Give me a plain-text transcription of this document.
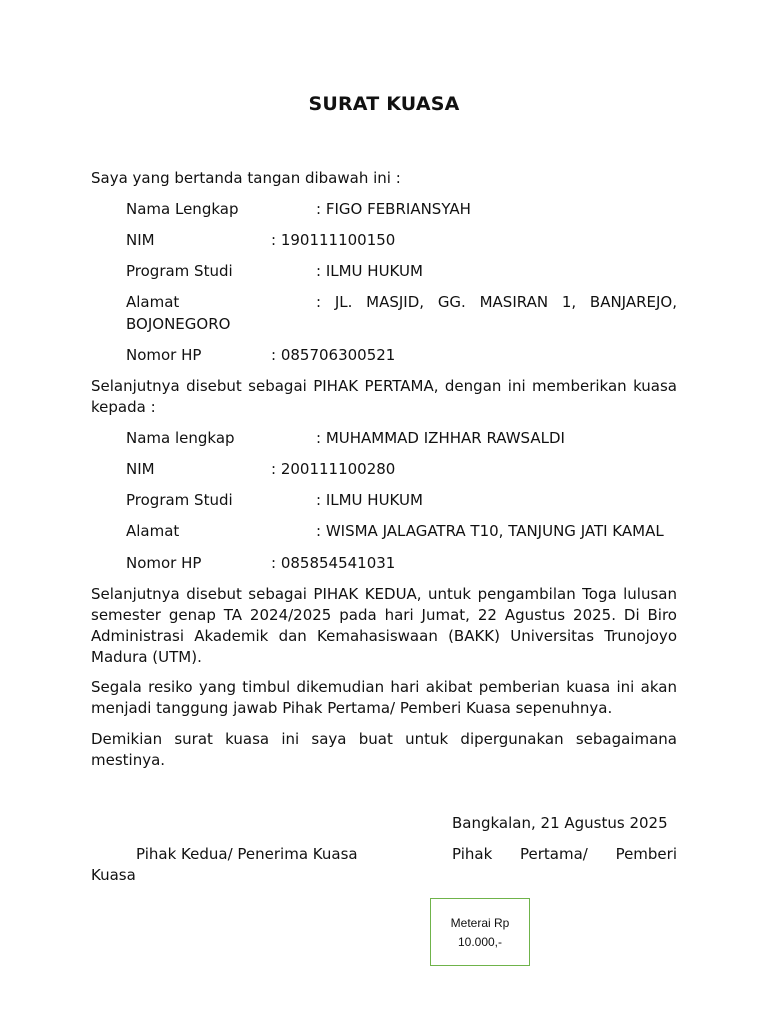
SURAT KUASA
Saya yang bertanda tangan dibawah ini :
Nama Lengkap	: FIGO FEBRIANSYAH
NIM	: 190111100150
Program Studi	: ILMU HUKUM
Alamat	: JL. MASJID, GG. MASIRAN 1, BANJAREJO,
BOJONEGORO
Nomor HP	: 085706300521
Selanjutnya disebut sebagai PIHAK PERTAMA, dengan ini memberikan kuasa kepada :
Nama lengkap	: MUHAMMAD IZHHAR RAWSALDI
NIM	: 200111100280
Program Studi	: ILMU HUKUM
Alamat	: WISMA JALAGATRA T10, TANJUNG JATI KAMAL
Nomor HP	: 085854541031
Selanjutnya disebut sebagai PIHAK KEDUA, untuk pengambilan Toga lulusan semester genap TA 2024/2025 pada hari Jumat, 22 Agustus 2025. Di Biro Administrasi Akademik dan Kemahasiswaan (BAKK) Universitas Trunojoyo Madura (UTM).
Segala resiko yang timbul dikemudian hari akibat pemberian kuasa ini akan menjadi tanggung jawab Pihak Pertama/ Pemberi Kuasa sepenuhnya.
Demikian surat kuasa ini saya buat untuk dipergunakan sebagaimana mestinya.
Bangkalan, 21 Agustus 2025
Pihak Kedua/ Penerima Kuasa	Pihak Pertama/ Pemberi
Kuasa
Meterai Rp
10.000,-
